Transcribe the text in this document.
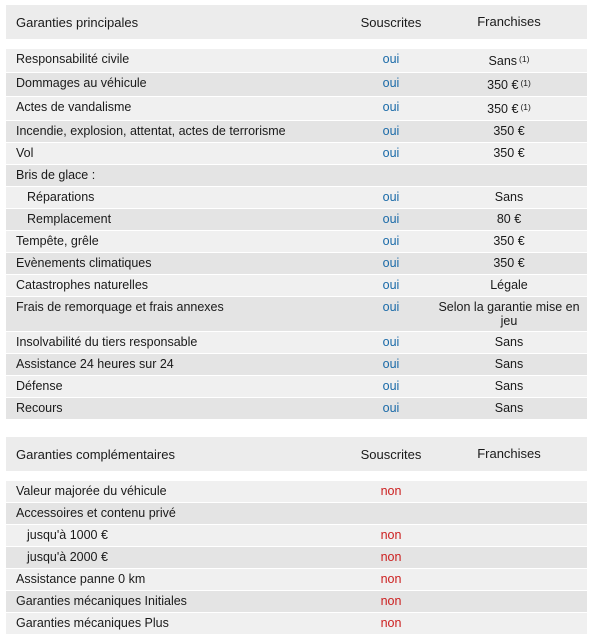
Garanties principales	Souscrites	Franchises
Responsabilité civile	oui	Sans $^{(1)}$
Dommages au véhicule	oui	350 € $^{(1)}$
Actes de vandalisme	oui	350 € $^{(1)}$
Incendie, explosion, attentat, actes de terrorisme	oui	350 €
Vol	oui	350 €
Bris de glace :
Réparations	oui	Sans
Remplacement	oui	80 €
Tempête, grêle	oui	350 €
Evènements climatiques	oui	350 €
Catastrophes naturelles	oui	Légale
Frais de remorquage et frais annexes	oui	Selon la garantie mise en jeu
Insolvabilité du tiers responsable	oui	Sans
Assistance 24 heures sur 24	oui	Sans
Défense	oui	Sans
Recours	oui	Sans
Garanties complémentaires	Souscrites	Franchises
Valeur majorée du véhicule	non
Accessoires et contenu privé
jusqu'à 1000 €	non
jusqu'à 2000 €	non
Assistance panne 0 km	non
Garanties mécaniques Initiales	non
Garanties mécaniques Plus	non
